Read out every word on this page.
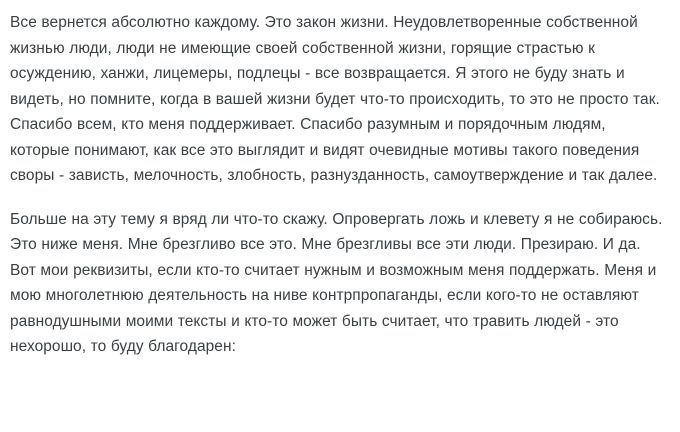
Все вернется абсолютно каждому. Это закон жизни. Неудовлетворенные собственной жизнью люди, люди не имеющие своей собственной жизни, горящие страстью к осуждению, ханжи, лицемеры, подлецы - все возвращается. Я этого не буду знать и видеть, но помните, когда в вашей жизни будет что-то происходить, то это не просто так. Спасибо всем, кто меня поддерживает. Спасибо разумным и порядочным людям, которые понимают, как все это выглядит и видят очевидные мотивы такого поведения своры - зависть, мелочность, злобность, разнузданность, самоутверждение и так далее.

Больше на эту тему я вряд ли что-то скажу. Опровергать ложь и клевету я не собираюсь. Это ниже меня. Мне брезгливо все это. Мне брезгливы все эти люди. Презираю. И да. Вот мои реквизиты, если кто-то считает нужным и возможным меня поддержать. Меня и мою многолетнюю деятельность на ниве контрпропаганды, если кого-то не оставляют равнодушными моими тексты и кто-то может быть считает, что травить людей - это нехорошо, то буду благодарен:
